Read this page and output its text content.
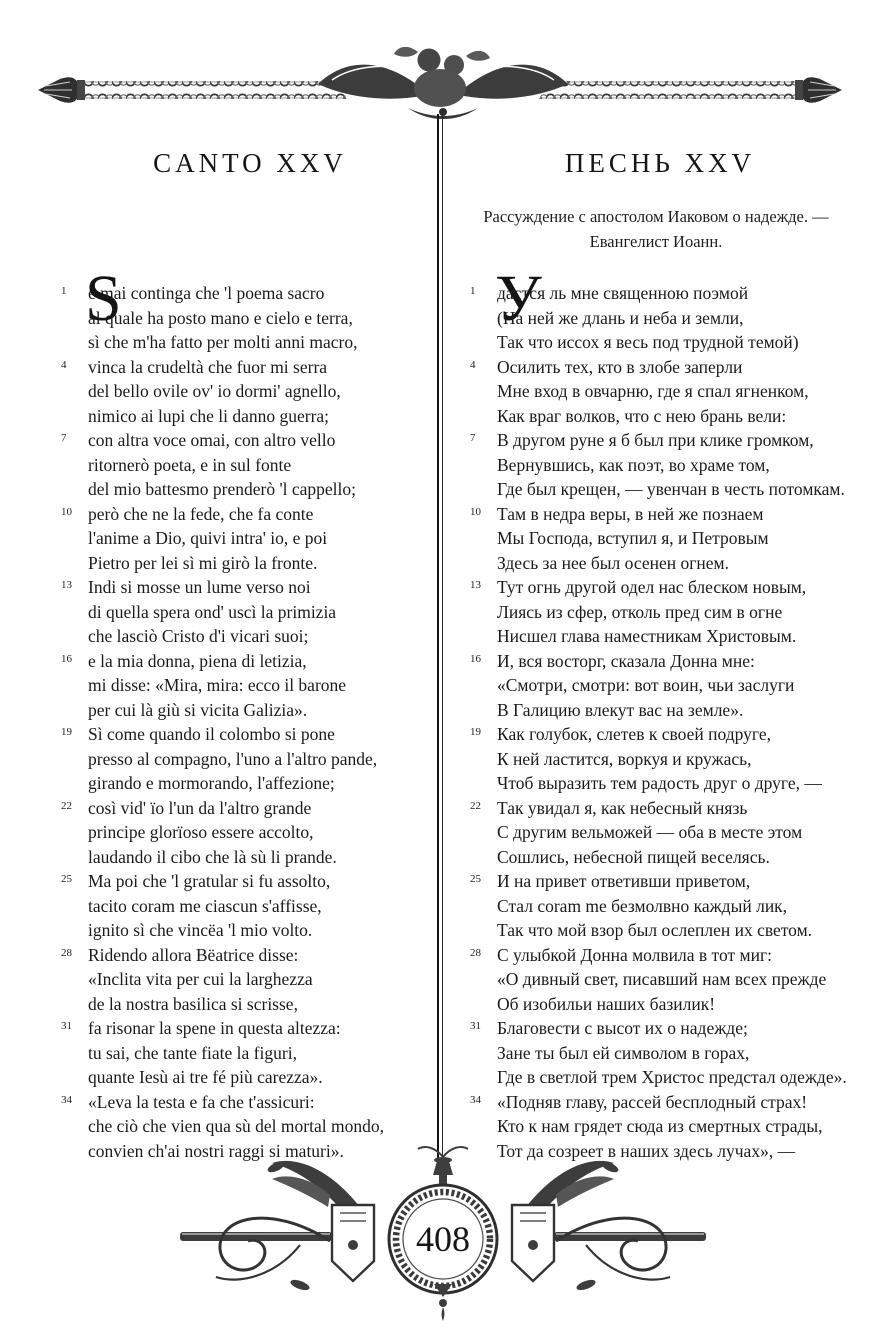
CANTO XXV	ПЕСНЬ XXV
Рассуждение с апостолом Иаковом о надежде. —
Евангелист Иоанн.
S	У
1 e mai continga che 'l poema sacro
al quale ha posto mano e cielo e terra,
sì che m'ha fatto per molti anni macro,
4 vinca la crudeltà che fuor mi serra
del bello ovile ov' io dormi' agnello,
nimico ai lupi che li danno guerra;
7 con altra voce omai, con altro vello
ritornerò poeta, e in sul fonte
del mio battesmo prenderò 'l cappello;
10 però che ne la fede, che fa conte
l'anime a Dio, quivi intra' io, e poi
Pietro per lei sì mi girò la fronte.
13 Indi si mosse un lume verso noi
di quella spera ond' uscì la primizia
che lasciò Cristo d'i vicari suoi;
16 e la mia donna, piena di letizia,
mi disse: «Mira, mira: ecco il barone
per cui là giù si vicita Galizia».
19 Sì come quando il colombo si pone
presso al compagno, l'uno a l'altro pande,
girando e mormorando, l'affezione;
22 così vid' ïo l'un da l'altro grande
principe glorïoso essere accolto,
laudando il cibo che là sù li prande.
25 Ma poi che 'l gratular si fu assolto,
tacito coram me ciascun s'affisse,
ignito sì che vincëa 'l mio volto.
28 Ridendo allora Bëatrice disse:
«Inclita vita per cui la larghezza
de la nostra basilica si scrisse,
31 fa risonar la spene in questa altezza:
tu sai, che tante fiate la figuri,
quante Iesù ai tre fé più carezza».
34 «Leva la testa e fa che t'assicuri:
che ciò che vien qua sù del mortal mondo,
convien ch'ai nostri raggi si maturi».
1 дастся ль мне священною поэмой
(На ней же длань и неба и земли,
Так что иссох я весь под трудной темой)
4 Осилить тех, кто в злобе заперли
Мне вход в овчарню, где я спал ягненком,
Как враг волков, что с нею брань вели:
7 В другом руне я б был при клике громком,
Вернувшись, как поэт, во храме том,
Где был крещен, — увенчан в честь потомкам.
10 Там в недра веры, в ней же познаем
Мы Господа, вступил я, и Петровым
Здесь за нее был осенен огнем.
13 Тут огнь другой одел нас блеском новым,
Лиясь из сфер, отколь пред сим в огне
Нисшел глава наместникам Христовым.
16 И, вся восторг, сказала Донна мне:
«Смотри, смотри: вот воин, чьи заслуги
В Галицию влекут вас на земле».
19 Как голубок, слетев к своей подруге,
К ней ластится, воркуя и кружась,
Чтоб выразить тем радость друг о друге, —
22 Так увидал я, как небесный князь
С другим вельможей — оба в месте этом
Сошлись, небесной пищей веселясь.
25 И на привет ответивши приветом,
Стал coram me безмолвно каждый лик,
Так что мой взор был ослеплен их светом.
28 С улыбкой Донна молвила в тот миг:
«О дивный свет, писавший нам всех прежде
Об изобильи наших базилик!
31 Благовести с высот их о надежде;
Зане ты был ей символом в горах,
Где в светлой трем Христос предстал одежде».
34 «Подняв главу, рассей бесплодный страх!
Кто к нам грядет сюда из смертных страды,
Тот да созреет в наших здесь лучах», —
408
